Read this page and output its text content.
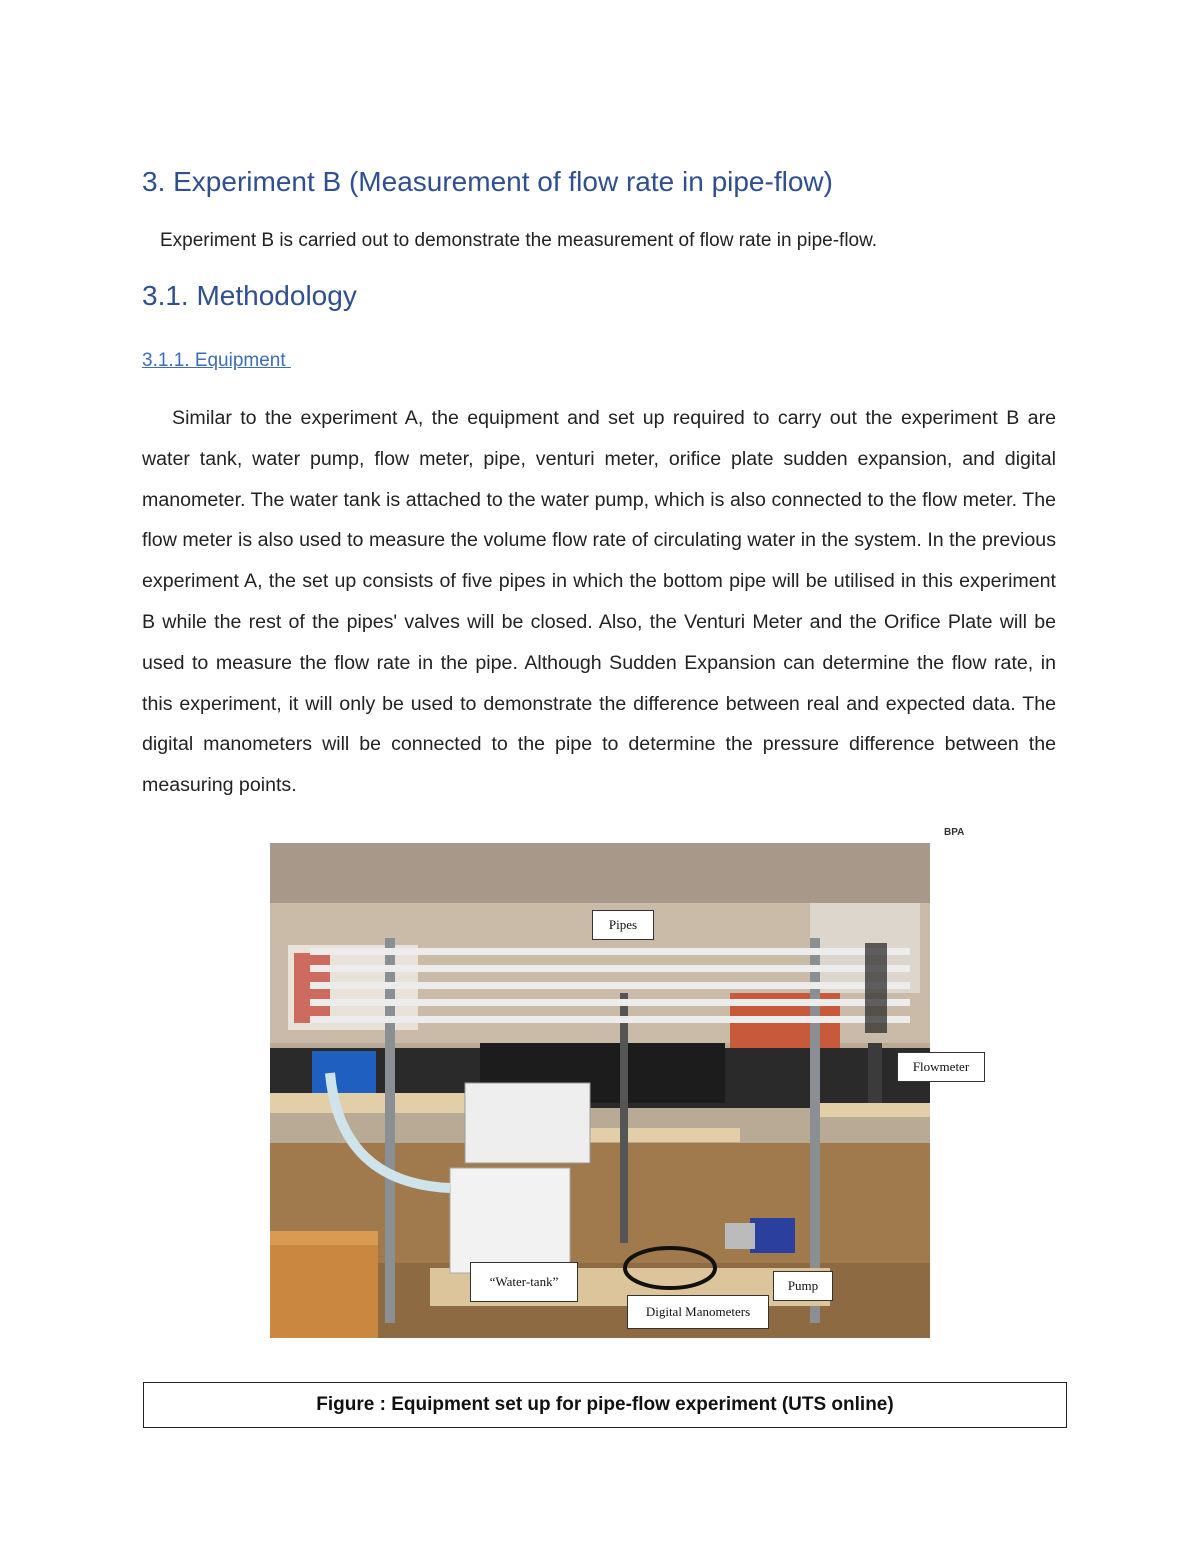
3. Experiment B (Measurement of flow rate in pipe-flow)
Experiment B is carried out to demonstrate the measurement of flow rate in pipe-flow.
3.1. Methodology
3.1.1. Equipment
Similar to the experiment A, the equipment and set up required to carry out the experiment B are water tank, water pump, flow meter, pipe, venturi meter, orifice plate sudden expansion, and digital manometer. The water tank is attached to the water pump, which is also connected to the flow meter. The flow meter is also used to measure the volume flow rate of circulating water in the system. In the previous experiment A, the set up consists of five pipes in which the bottom pipe will be utilised in this experiment B while the rest of the pipes' valves will be closed. Also, the Venturi Meter and the Orifice Plate will be used to measure the flow rate in the pipe. Although Sudden Expansion can determine the flow rate, in this experiment, it will only be used to demonstrate the difference between real and expected data. The digital manometers will be connected to the pipe to determine the pressure difference between the measuring points.
Pipes
Flowmeter
“Water-tank”	Pump
Digital Manometers
BPA
Figure : Equipment set up for pipe-flow experiment (UTS online)
